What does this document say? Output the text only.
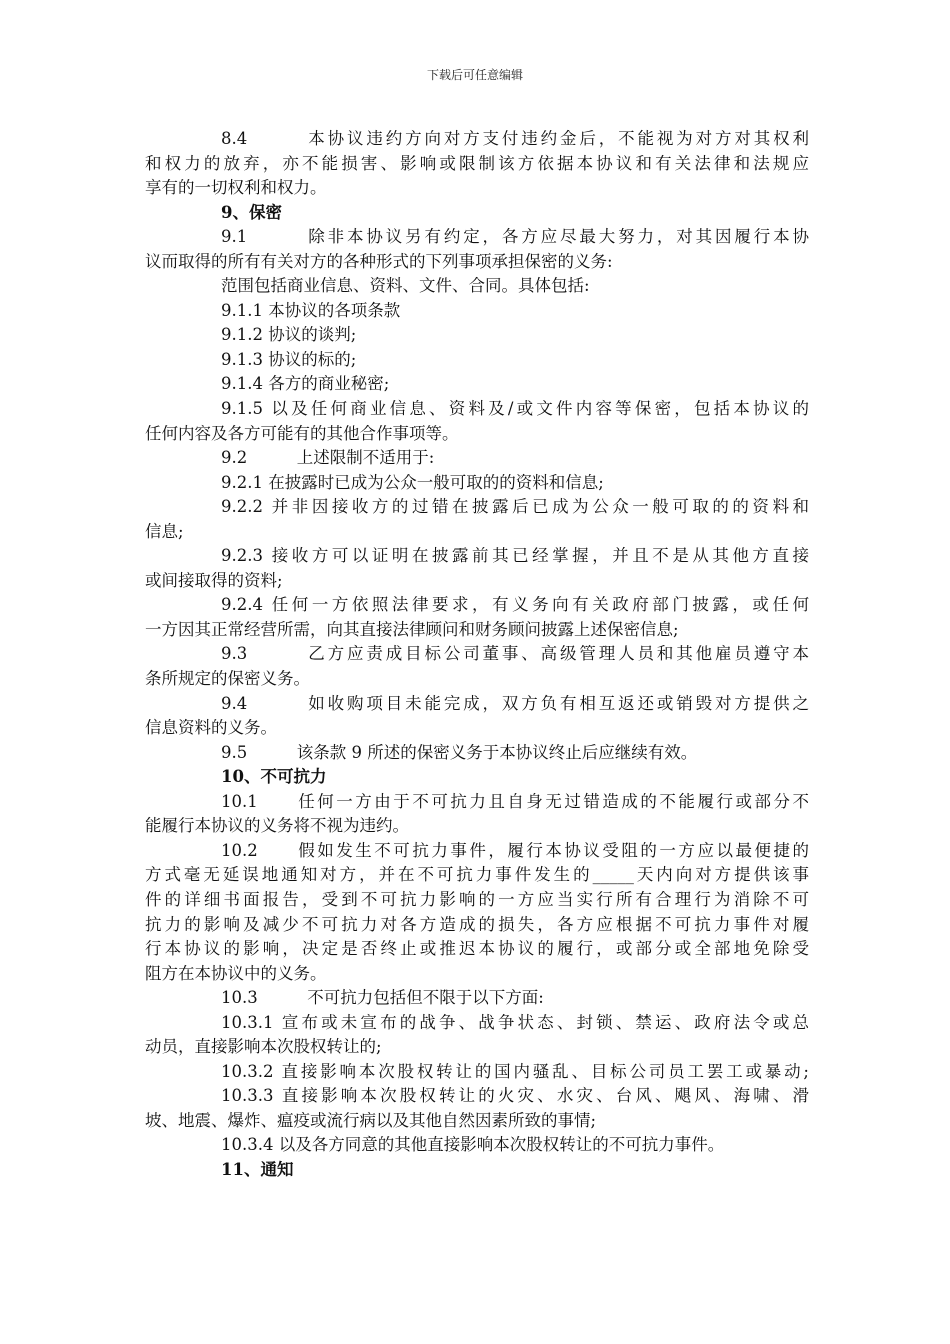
下载后可任意编辑
8.4　　　本协议违约方向对方支付违约金后，不能视为对方对其权利
和权力的放弃，亦不能损害、影响或限制该方依据本协议和有关法律和法规应
享有的一切权利和权力。
9、保密
9.1　　　除非本协议另有约定，各方应尽最大努力，对其因履行本协
议而取得的所有有关对方的各种形式的下列事项承担保密的义务:
范围包括商业信息、资料、文件、合同。具体包括:
9.1.1 本协议的各项条款
9.1.2 协议的谈判;
9.1.3 协议的标的;
9.1.4 各方的商业秘密;
9.1.5 以及任何商业信息、资料及/或文件内容等保密，包括本协议的
任何内容及各方可能有的其他合作事项等。
9.2　　　上述限制不适用于:
9.2.1 在披露时已成为公众一般可取的的资料和信息;
9.2.2 并非因接收方的过错在披露后已成为公众一般可取的的资料和
信息;
9.2.3 接收方可以证明在披露前其已经掌握，并且不是从其他方直接
或间接取得的资料;
9.2.4 任何一方依照法律要求，有义务向有关政府部门披露，或任何
一方因其正常经营所需，向其直接法律顾问和财务顾问披露上述保密信息;
9.3　　　乙方应责成目标公司董事、高级管理人员和其他雇员遵守本
条所规定的保密义务。
9.4　　　如收购项目未能完成，双方负有相互返还或销毁对方提供之
信息资料的义务。
9.5　　　该条款 9 所述的保密义务于本协议终止后应继续有效。
10、不可抗力
10.1　　任何一方由于不可抗力且自身无过错造成的不能履行或部分不
能履行本协议的义务将不视为违约。
10.2　　假如发生不可抗力事件，履行本协议受阻的一方应以最便捷的
方式毫无延误地通知对方，并在不可抗力事件发生的_____天内向对方提供该事
件的详细书面报告，受到不可抗力影响的一方应当实行所有合理行为消除不可
抗力的影响及减少不可抗力对各方造成的损失，各方应根据不可抗力事件对履
行本协议的影响，决定是否终止或推迟本协议的履行，或部分或全部地免除受
阻方在本协议中的义务。
10.3　　　不可抗力包括但不限于以下方面:
10.3.1 宣布或未宣布的战争、战争状态、封锁、禁运、政府法令或总
动员，直接影响本次股权转让的;
10.3.2 直接影响本次股权转让的国内骚乱、目标公司员工罢工或暴动;
10.3.3 直接影响本次股权转让的火灾、水灾、台风、飓风、海啸、滑
坡、地震、爆炸、瘟疫或流行病以及其他自然因素所致的事情;
10.3.4 以及各方同意的其他直接影响本次股权转让的不可抗力事件。
11、通知
